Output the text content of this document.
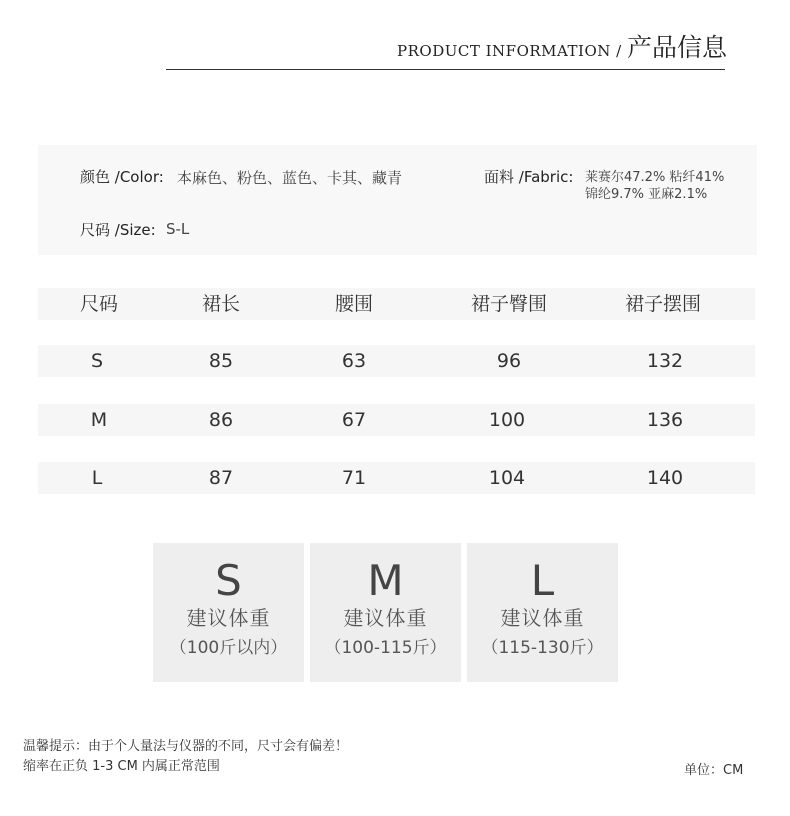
PRODUCT INFORMATION / 产品信息
颜色 /Color: 本麻色、粉色、蓝色、卡其、藏青	面料 /Fabric: 莱赛尔47.2% 粘纤41%
锦纶9.7% 亚麻2.1%
尺码 /Size: S-L
尺码	裙长	腰围	裙子臀围	裙子摆围
S	85	63	96	132
M	86	67	100	136
L	87	71	104	140
S
建议体重
（100斤以内）
M
建议体重
（100-115斤）
L
建议体重
（115-130斤）
温馨提示：由于个人量法与仪器的不同，尺寸会有偏差！
缩率在正负 1-3 CM 内属正常范围	单位：CM
